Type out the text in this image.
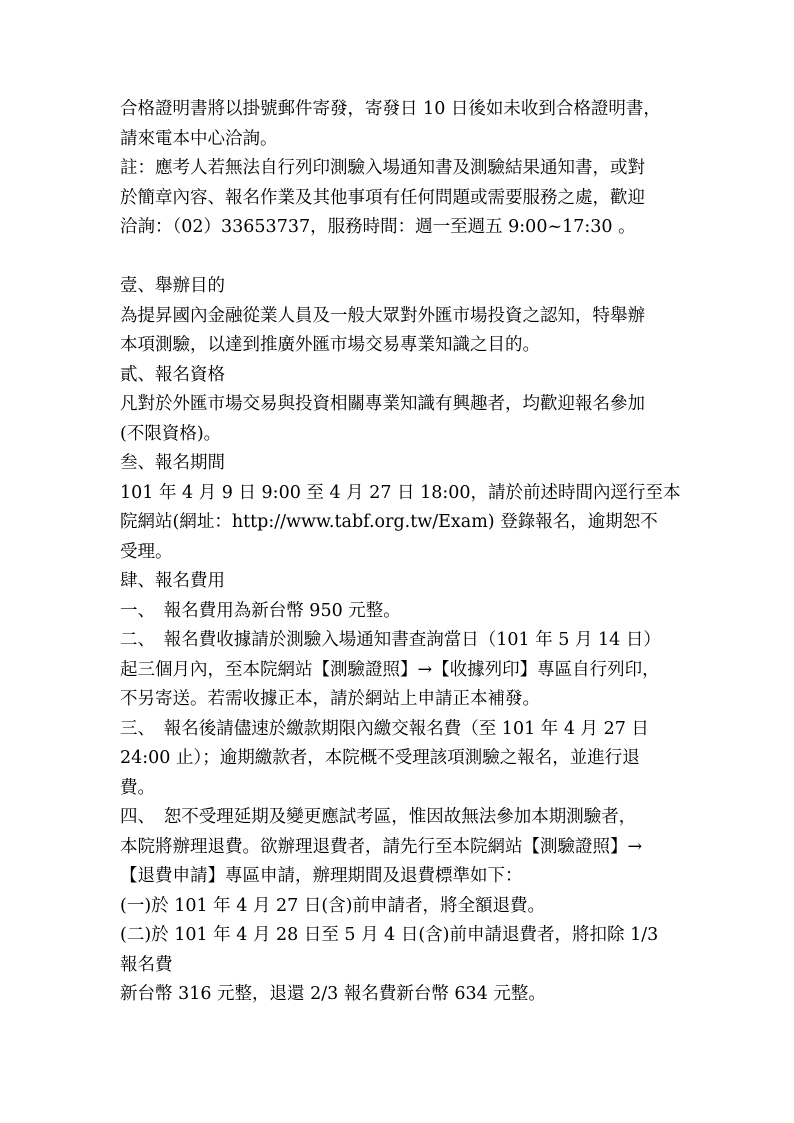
合格證明書將以掛號郵件寄發，寄發日 10 日後如未收到合格證明書，
請來電本中心洽詢。
註：應考人若無法自行列印測驗入場通知書及測驗結果通知書，或對
於簡章內容、報名作業及其他事項有任何問題或需要服務之處，歡迎
洽詢：（02）33653737，服務時間：週一至週五 9:00~17:30 。
壹、舉辦目的
為提昇國內金融從業人員及一般大眾對外匯市場投資之認知，特舉辦
本項測驗，以達到推廣外匯市場交易專業知識之目的。
貳、報名資格
凡對於外匯市場交易與投資相關專業知識有興趣者，均歡迎報名參加
(不限資格)。
叁、報名期間
101 年 4 月 9 日 9:00 至 4 月 27 日 18:00，請於前述時間內逕行至本
院網站(網址：http://www.tabf.org.tw/Exam) 登錄報名，逾期恕不
受理。
肆、報名費用
一、　報名費用為新台幣 950 元整。
二、　報名費收據請於測驗入場通知書查詢當日（101 年 5 月 14 日）
起三個月內，至本院網站【測驗證照】→【收據列印】專區自行列印，
不另寄送。若需收據正本，請於網站上申請正本補發。
三、　報名後請儘速於繳款期限內繳交報名費（至 101 年 4 月 27 日
24:00 止）；逾期繳款者，本院概不受理該項測驗之報名，並進行退
費。
四、　恕不受理延期及變更應試考區，惟因故無法參加本期測驗者，
本院將辦理退費。欲辦理退費者，請先行至本院網站【測驗證照】→
【退費申請】專區申請，辦理期間及退費標準如下：
(一)於 101 年 4 月 27 日(含)前申請者，將全額退費。
(二)於 101 年 4 月 28 日至 5 月 4 日(含)前申請退費者，將扣除 1/3
報名費
新台幣 316 元整，退還 2/3 報名費新台幣 634 元整。
